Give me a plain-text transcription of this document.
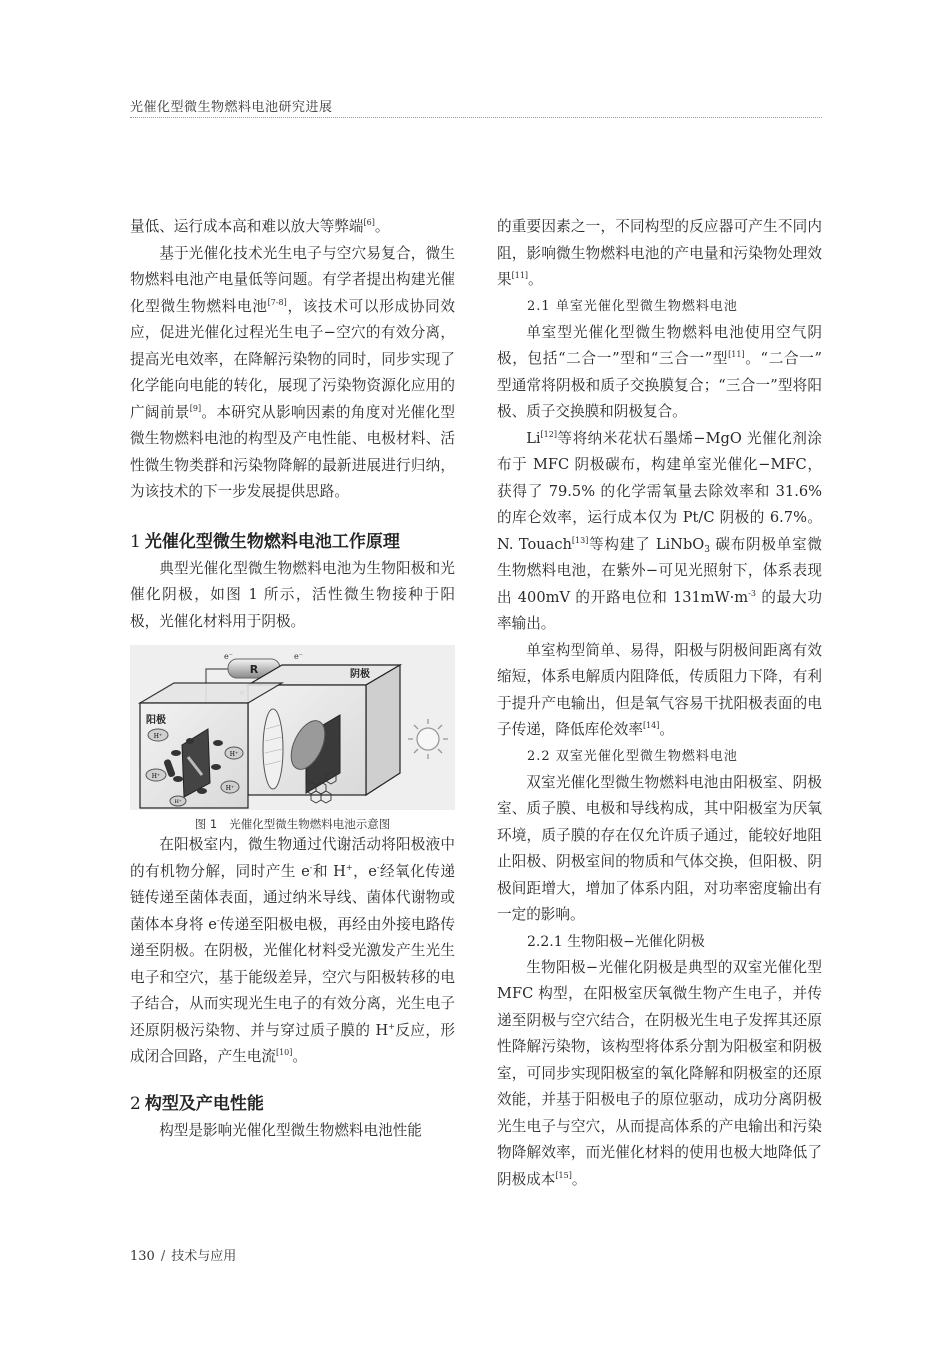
光催化型微生物燃料电池研究进展

量低、运行成本高和难以放大等弊端[6]。

基于光催化技术光生电子与空穴易复合，微生物燃料电池产电量低等问题。有学者提出构建光催化型微生物燃料电池[7-8]，该技术可以形成协同效应，促进光催化过程光生电子−空穴的有效分离，提高光电效率，在降解污染物的同时，同步实现了化学能向电能的转化，展现了污染物资源化应用的广阔前景[9]。本研究从影响因素的角度对光催化型微生物燃料电池的构型及产电性能、电极材料、活性微生物类群和污染物降解的最新进展进行归纳，为该技术的下一步发展提供思路。

1 光催化型微生物燃料电池工作原理

典型光催化型微生物燃料电池为生物阳极和光催化阴极，如图 1 所示，活性微生物接种于阳极，光催化材料用于阴极。

R
e⁻	e⁻
阴极
阳极
H⁺
H⁺
H⁺
H⁺
H⁺
图 1 光催化型微生物燃料电池示意图

在阳极室内，微生物通过代谢活动将阳极液中的有机物分解，同时产生 e-和 H+，e-经氧化传递链传递至菌体表面，通过纳米导线、菌体代谢物或菌体本身将 e-传递至阳极电极，再经由外接电路传递至阴极。在阴极，光催化材料受光激发产生光生电子和空穴，基于能级差异，空穴与阳极转移的电子结合，从而实现光生电子的有效分离，光生电子还原阴极污染物、并与穿过质子膜的 H+反应，形成闭合回路，产生电流[10]。

2 构型及产电性能

构型是影响光催化型微生物燃料电池性能

的重要因素之一，不同构型的反应器可产生不同内阻，影响微生物燃料电池的产电量和污染物处理效果[11]。

2.1 单室光催化型微生物燃料电池

单室型光催化型微生物燃料电池使用空气阴极，包括“二合一”型和“三合一”型[11]。“二合一” 型通常将阴极和质子交换膜复合；“三合一”型将阳极、质子交换膜和阴极复合。

Li[12]等将纳米花状石墨烯−MgO 光催化剂涂布于 MFC 阴极碳布，构建单室光催化−MFC，获得了 79.5% 的化学需氧量去除效率和 31.6% 的库仑效率，运行成本仅为 Pt/C 阴极的 6.7%。N. Touach[13]等构建了 LiNbO$_3$ 碳布阴极单室微生物燃料电池，在紫外−可见光照射下，体系表现出 400mV 的开路电位和 $131mW\cdot m^{-3}$ 的最大功率输出。

单室构型简单、易得，阳极与阴极间距离有效缩短，体系电解质内阻降低，传质阻力下降，有利于提升产电输出，但是氧气容易干扰阳极表面的电子传递，降低库伦效率[14]。

2.2 双室光催化型微生物燃料电池

双室光催化型微生物燃料电池由阳极室、阴极室、质子膜、电极和导线构成，其中阳极室为厌氧环境，质子膜的存在仅允许质子通过，能较好地阻止阳极、阴极室间的物质和气体交换，但阳极、阴极间距增大，增加了体系内阻，对功率密度输出有一定的影响。

2.2.1 生物阳极−光催化阴极

生物阳极−光催化阴极是典型的双室光催化型 MFC 构型，在阳极室厌氧微生物产生电子，并传递至阴极与空穴结合，在阴极光生电子发挥其还原性降解污染物，该构型将体系分割为阳极室和阴极室，可同步实现阳极室的氧化降解和阴极室的还原效能，并基于阳极电子的原位驱动，成功分离阴极光生电子与空穴，从而提高体系的产电输出和污染物降解效率，而光催化材料的使用也极大地降低了阴极成本[15]。

130 / 技术与应用
